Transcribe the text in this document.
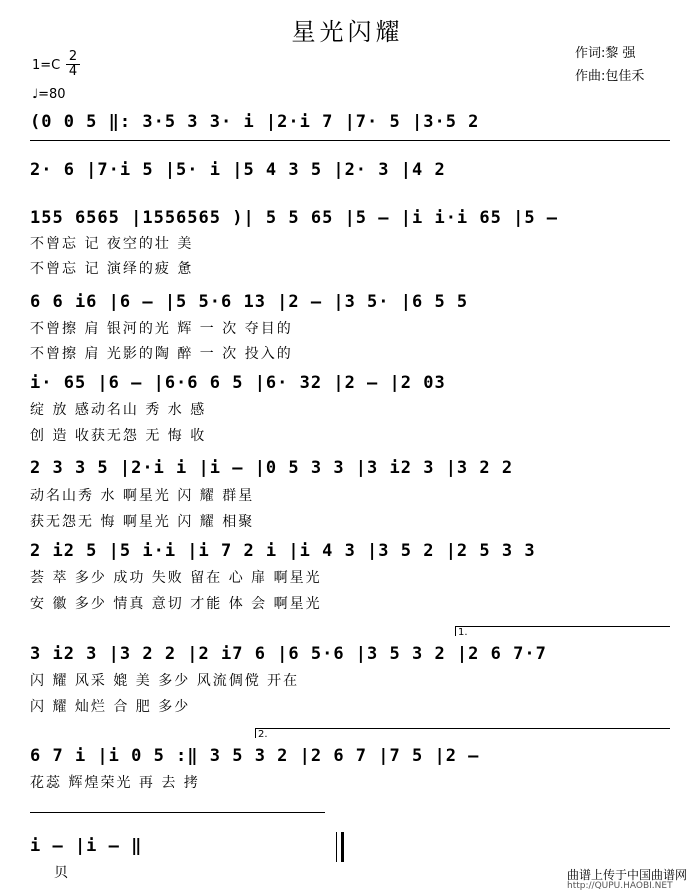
星光闪耀
作词:黎 强
作曲:包佳禾
$1=C \frac{2}{4}$
♩=80
(0 0 5 ‖: 3·5 3 3· i |2·i 7 |7· 5 |3·5 2
2· 6 |7·i 5 |5· i |5 4 3 5 |2· 3 |4 2
155 6565 |1556565 )| 5 5 65 |5 – |i i·i 65 |5 –
不曾忘 记 夜空的壮 美
不曾忘 记 演绎的疲 惫
6 6 i6 |6 – |5 5·6 13 |2 – |3 5· |6 5 5
不曾擦 肩 银河的光 辉 一 次 夺目的
不曾擦 肩 光影的陶 醉 一 次 投入的
i· 65 |6 – |6·6 6 5 |6· 32 |2 – |2 03
绽 放 感动名山 秀 水 感
创 造 收获无怨 无 悔 收
2 3 3 5 |2·i i |i – |0 5 3 3 |3 i2 3 |3 2 2
动名山秀 水 啊星光 闪 耀 群星
获无怨无 悔 啊星光 闪 耀 相聚
2 i2 5 |5 i·i |i 7 2 i |i 4 3 |3 5 2 |2 5 3 3
荟 萃 多少 成功 失败 留在 心 扉 啊星光
安 徽 多少 情真 意切 才能 体 会 啊星光
1.
3 i2 3 |3 2 2 |2 i7 6 |6 5·6 |3 5 3 2 |2 6 7·7
闪 耀 风采 媲 美 多少 风流倜傥 开在
闪 耀 灿烂 合 肥 多少
2.
6 7 i |i 0 5 :‖ 3 5 3 2 |2 6 7 |7 5 |2 –
花蕊 辉煌荣光 再 去 拷
i – |i – ‖
贝	曲谱上传于中国曲谱网
http://QUPU.HAOBI.NET
